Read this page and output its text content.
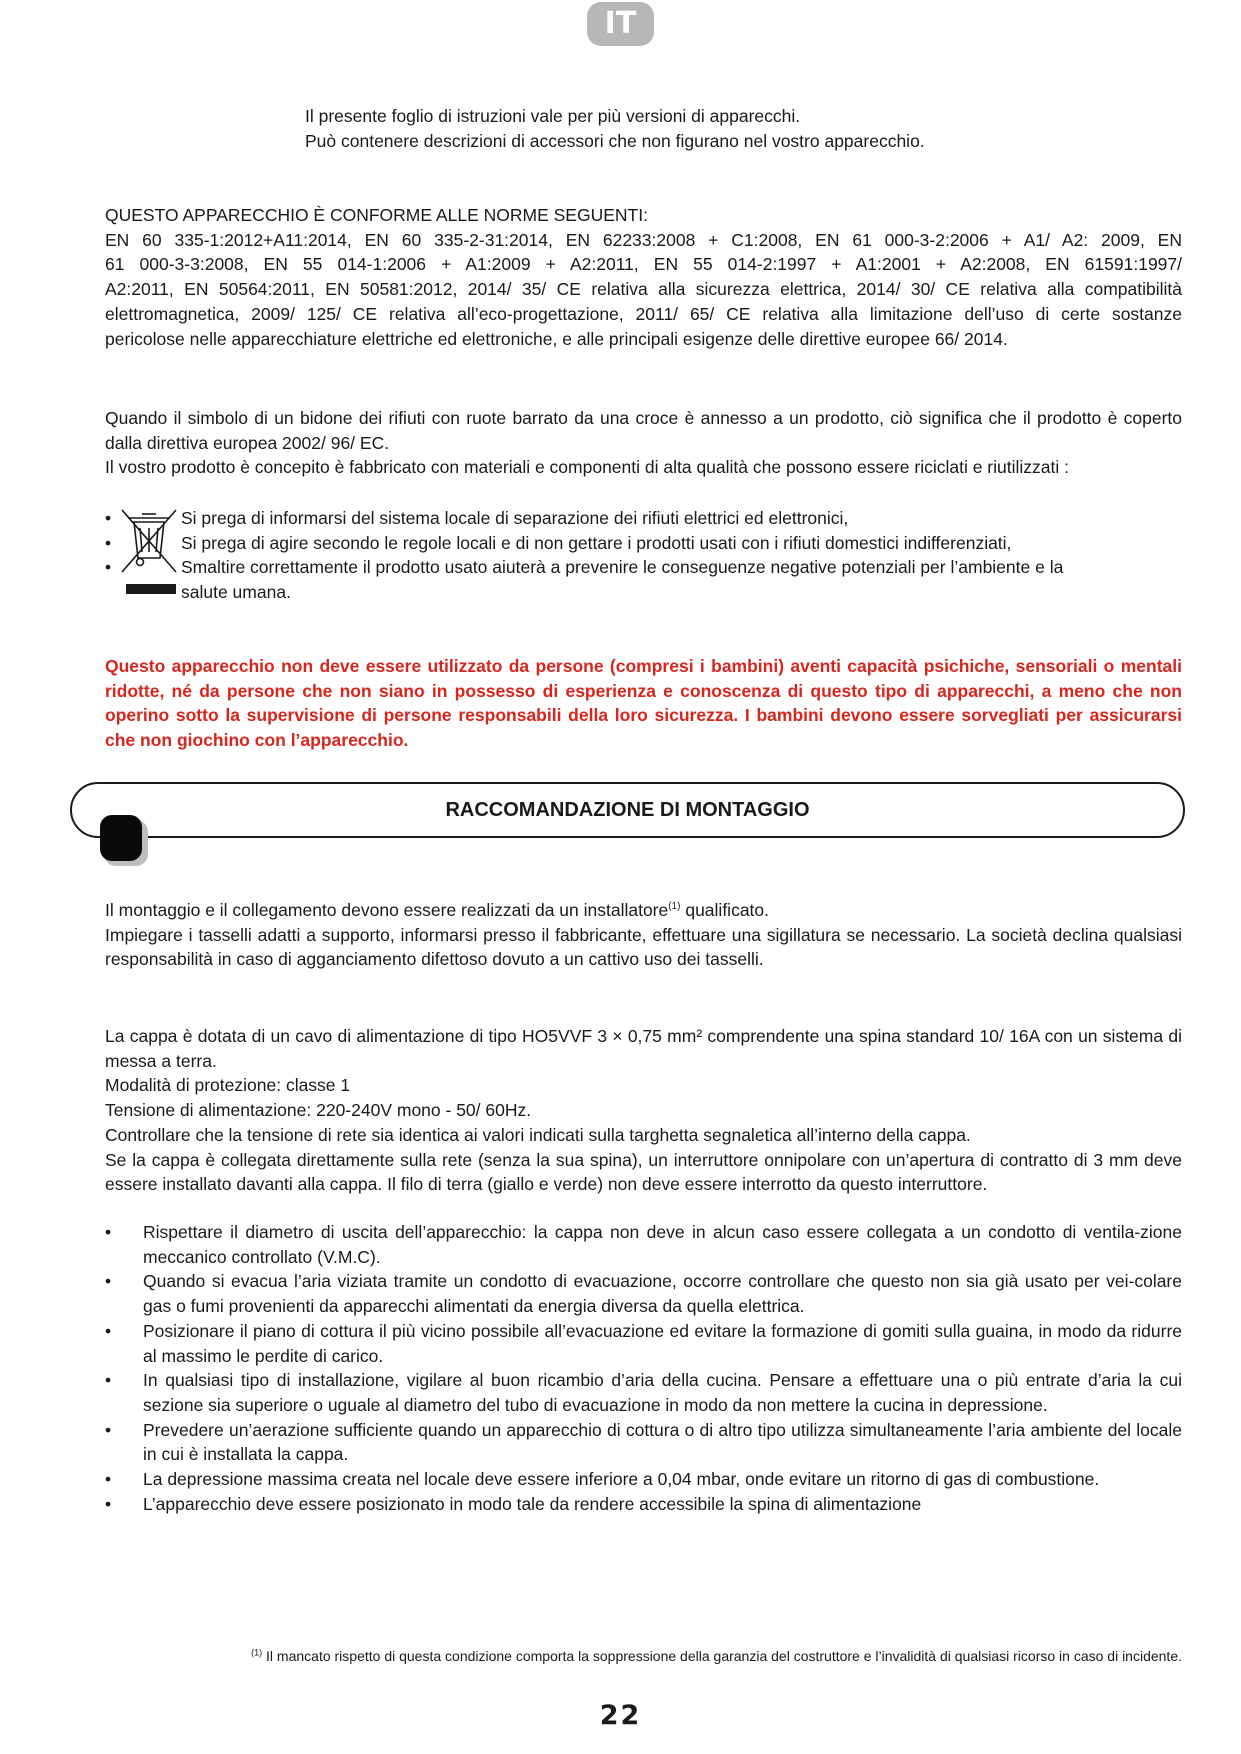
IT

Il presente foglio di istruzioni vale per più versioni di apparecchi.

Può contenere descrizioni di accessori che non figurano nel vostro apparecchio.

QUESTO APPARECCHIO È CONFORME ALLE NORME SEGUENTI:

EN 60 335-1:2012+A11:2014, EN 60 335-2-31:2014, EN 62233:2008 + C1:2008, EN 61 000-3-2:2006 + A1/ A2: 2009, EN

61 000-3-3:2008, EN 55 014-1:2006 + A1:2009 + A2:2011, EN 55 014-2:1997 + A1:2001 + A2:2008, EN 61591:1997/

A2:2011, EN 50564:2011, EN 50581:2012, 2014/ 35/ CE relativa alla sicurezza elettrica, 2014/ 30/ CE relativa alla compatibilità

elettromagnetica, 2009/ 125/ CE relativa all’eco-progettazione, 2011/ 65/ CE relativa alla limitazione dell’uso di certe sostanze

pericolose nelle apparecchiature elettriche ed elettroniche, e alle principali esigenze delle direttive europee 66/ 2014.

Quando il simbolo di un bidone dei rifiuti con ruote barrato da una croce è annesso a un prodotto, ciò significa che il prodotto è coperto dalla direttiva europea 2002/ 96/ EC.

Il vostro prodotto è concepito è fabbricato con materiali e componenti di alta qualità che possono essere riciclati e riutilizzati :

•	Si prega di informarsi del sistema locale di separazione dei rifiuti elettrici ed elettronici,
•	Si prega di agire secondo le regole locali e di non gettare i prodotti usati con i rifiuti domestici indifferenziati,
•	Smaltire correttamente il prodotto usato aiuterà a prevenire le conseguenze negative potenziali per l’ambiente e la
salute umana.

Questo apparecchio non deve essere utilizzato da persone (compresi i bambini) aventi capacità psichiche, sensoriali o mentali ridotte, né da persone che non siano in possesso di esperienza e conoscenza di questo tipo di apparecchi, a meno che non operino sotto la supervisione di persone responsabili della loro sicurezza. I bambini devono essere sorvegliati per assicurarsi che non giochino con l’apparecchio.

RACCOMANDAZIONE DI MONTAGGIO

Il montaggio e il collegamento devono essere realizzati da un installatore$^{(1)}$ qualificato.

Impiegare i tasselli adatti a supporto, informarsi presso il fabbricante, effettuare una sigillatura se necessario. La società declina qualsiasi responsabilità in caso di agganciamento difettoso dovuto a un cattivo uso dei tasselli.

La cappa è dotata di un cavo di alimentazione di tipo HO5VVF 3 × 0,75 mm² comprendente una spina standard 10/ 16A con un sistema di messa a terra.

Modalità di protezione: classe 1

Tensione di alimentazione: 220-240V mono - 50/ 60Hz.

Controllare che la tensione di rete sia identica ai valori indicati sulla targhetta segnaletica all’interno della cappa.

Se la cappa è collegata direttamente sulla rete (senza la sua spina), un interruttore onnipolare con un’apertura di contratto di 3 mm deve essere installato davanti alla cappa. Il filo di terra (giallo e verde) non deve essere interrotto da questo interruttore.

• Rispettare il diametro di uscita dell’apparecchio: la cappa non deve in alcun caso essere collegata a un condotto di ventila-zione meccanico controllato (V.M.C).
• Quando si evacua l’aria viziata tramite un condotto di evacuazione, occorre controllare che questo non sia già usato per vei-colare gas o fumi provenienti da apparecchi alimentati da energia diversa da quella elettrica.
• Posizionare il piano di cottura il più vicino possibile all’evacuazione ed evitare la formazione di gomiti sulla guaina, in modo da ridurre al massimo le perdite di carico.
• In qualsiasi tipo di installazione, vigilare al buon ricambio d’aria della cucina. Pensare a effettuare una o più entrate d’aria la cui sezione sia superiore o uguale al diametro del tubo di evacuazione in modo da non mettere la cucina in depressione.
• Prevedere un’aerazione sufficiente quando un apparecchio di cottura o di altro tipo utilizza simultaneamente l’aria ambiente del locale in cui è installata la cappa.
• La depressione massima creata nel locale deve essere inferiore a 0,04 mbar, onde evitare un ritorno di gas di combustione.
• L’apparecchio deve essere posizionato in modo tale da rendere accessibile la spina di alimentazione
$^{(1)}$ Il mancato rispetto di questa condizione comporta la soppressione della garanzia del costruttore e l’invalidità di qualsiasi ricorso in caso di incidente.
22
